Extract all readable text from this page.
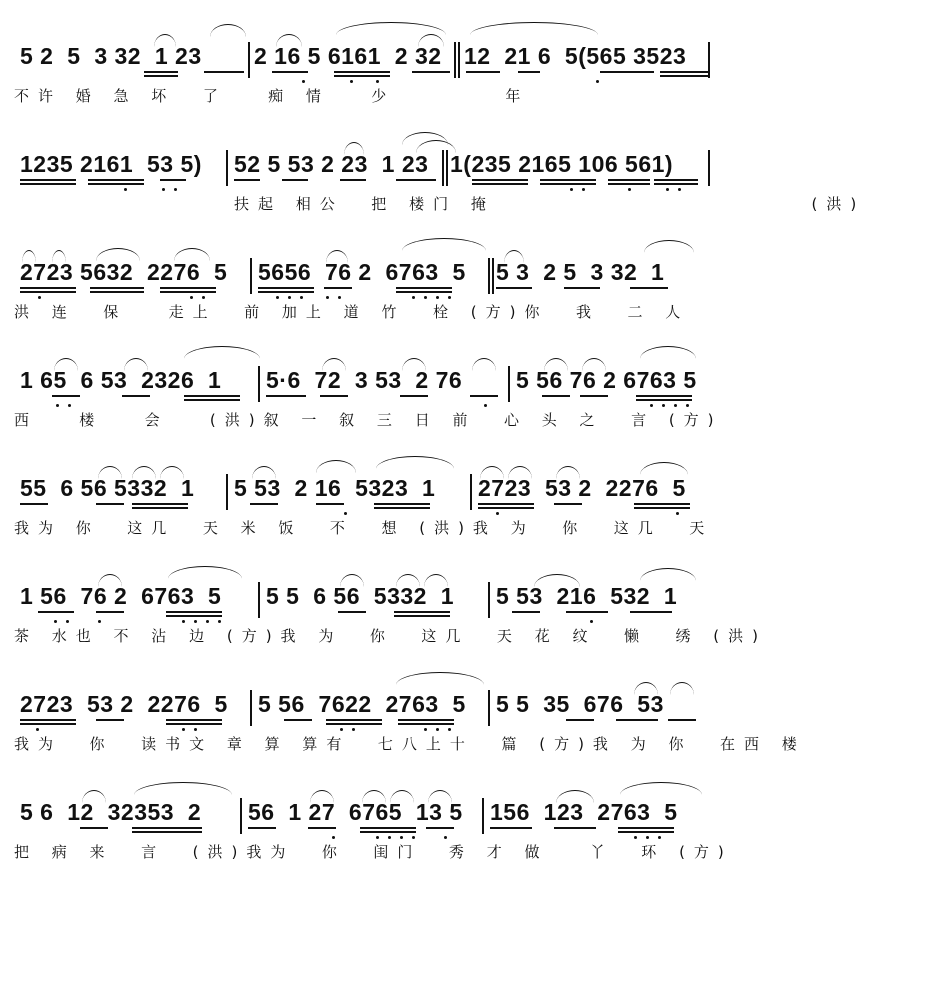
5 2  5  3 32  1 23

2 16 5 6161  2 32

12  21 6  5(565 3523

不许 婚 急 坏  了   痴 情   少        年

1235 2161  53 5)

52 5 53 2 23  1 23

1(235 2165 106 561)

扶起 相公  把 楼门 掩                       (洪)

2723 5632  2276  5

5656  76 2  6763  5

5 3  2 5  3 32  1

洪 连  保   走上  前 加上 道 竹  栓 (方)你  我  二 人

1 65  6 53  2326  1

5·6  72  3 53  2 76

5 56 76 2 6763 5

西   楼   会   (洪)叙 一 叙 三 日 前  心 头 之  言 (方)

55  6 56 5332  1

5 53  2 16  5323  1

2723  53 2  2276  5

我为 你  这几  天 米 饭  不  想 (洪)我 为  你  这几  天

1 56  76 2  6763  5

5 5  6 56  5332  1

5 53  216  532  1

茶 水也 不 沾 边 (方)我 为  你  这几  天 花 纹  懒  绣 (洪)

2723  53 2  2276  5

5 56  7622  2763  5

5 5  35  676  53

我为  你  读书文 章 算 算有  七八上十  篇 (方)我 为 你  在西 楼

5 6  12  32353  2

56  1 27  6765  13 5

156  123  2763  5

把 病 来  言  (洪)我为  你  闺门  秀 才 做   丫  环 (方)
